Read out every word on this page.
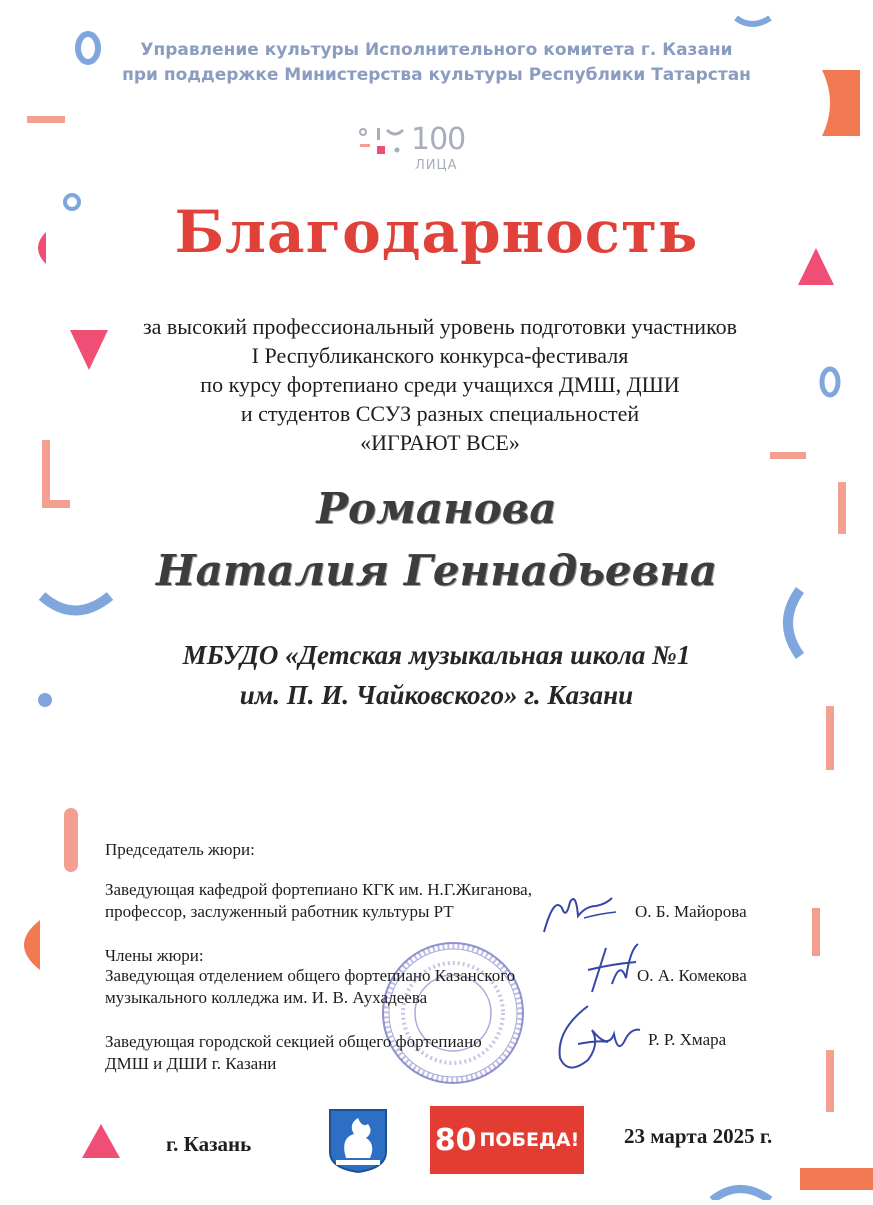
Управление культуры Исполнительного комитета г. Казани
при поддержке Министерства культуры Республики Татарстан
100
ЛИЦА
Благодарность
за высокий профессиональный уровень подготовки участников
I Республиканского конкурса-фестиваля
по курсу фортепиано среди учащихся ДМШ, ДШИ
и студентов ССУЗ разных специальностей
«ИГРАЮТ ВСЕ»
Романова
Наталия Геннадьевна
МБУДО «Детская музыкальная школа №1
им. П. И. Чайковского» г. Казани
Председатель жюри:
Заведующая кафедрой фортепиано КГК им. Н.Г.Жиганова,
профессор, заслуженный работник культуры РТ	О. Б. Майорова
Члены жюри:
Заведующая отделением общего фортепиано Казанского
музыкального колледжа им. И. В. Аухадеева
О. А. Комекова
Заведующая городской секцией общего фортепиано
ДМШ и ДШИ г. Казани
Р. Р. Хмара
г. Казань	80 ПОБЕДА! 23 марта 2025 г.
